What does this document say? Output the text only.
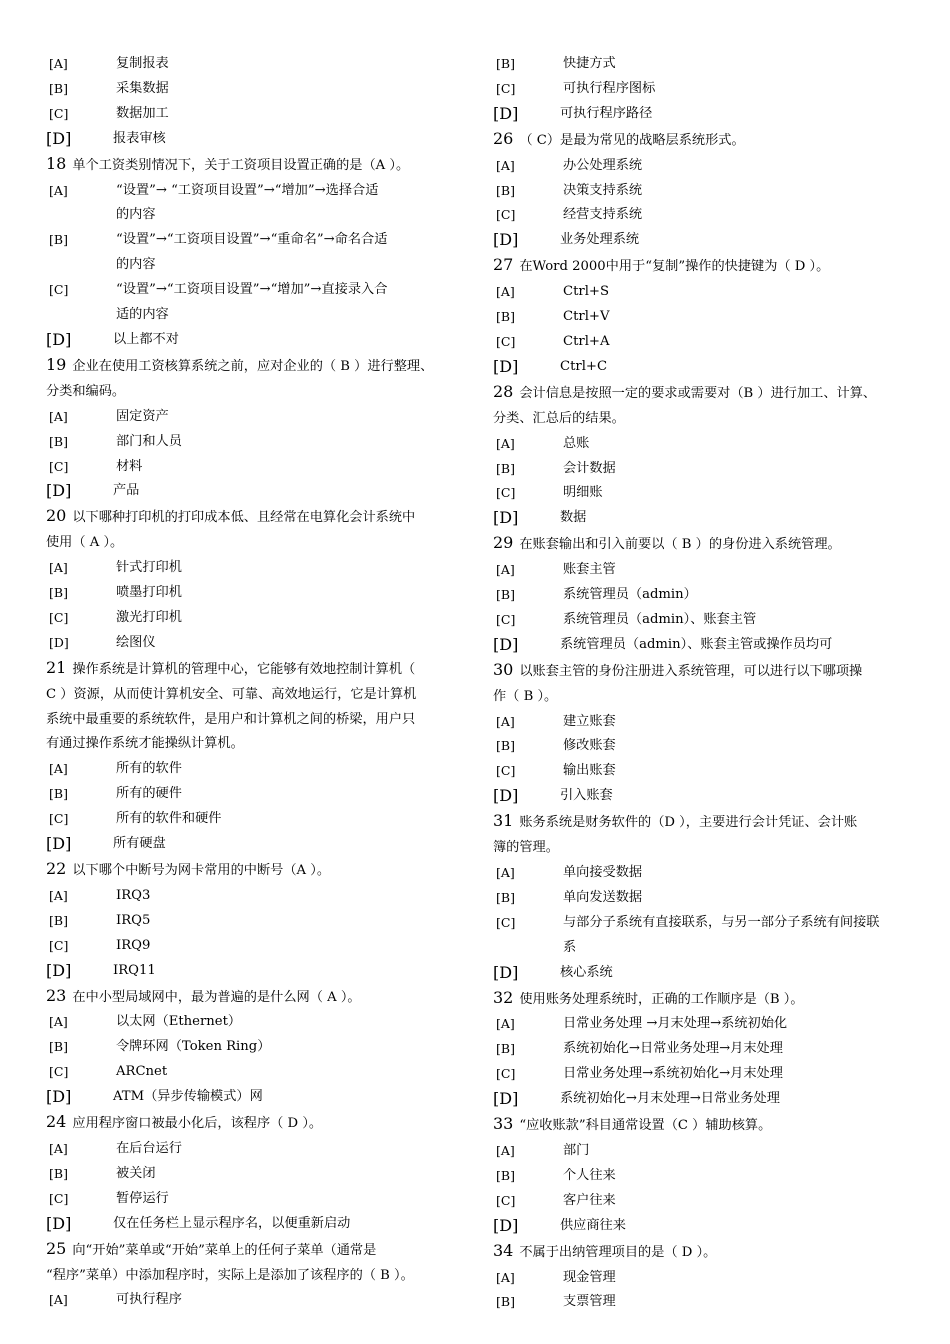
[A]	复制报表
[B]	采集数据
[C]	数据加工
[D]	报表审核
18 单个工资类别情况下，关于工资项目设置正确的是（A ）。
[A]	“设置”→ “工资项目设置”→“增加”→选择合适
的内容
[B]	“设置”→“工资项目设置”→“重命名”→命名合适
的内容
[C]	“设置”→“工资项目设置”→“增加”→直接录入合
适的内容
[D]	以上都不对
19 企业在使用工资核算系统之前，应对企业的（ B ）进行整理、
分类和编码。
[A]	固定资产
[B]	部门和人员
[C]	材料
[D]	产品
20 以下哪种打印机的打印成本低、且经常在电算化会计系统中
使用（ A ）。
[A]	针式打印机
[B]	喷墨打印机
[C]	激光打印机
[D]	绘图仪
21 操作系统是计算机的管理中心，它能够有效地控制计算机（
C ）资源，从而使计算机安全、可靠、高效地运行，它是计算机
系统中最重要的系统软件，是用户和计算机之间的桥梁，用户只
有通过操作系统才能操纵计算机。
[A]	所有的软件
[B]	所有的硬件
[C]	所有的软件和硬件
[D]	所有硬盘
22 以下哪个中断号为网卡常用的中断号（A ）。
[A]	IRQ3
[B]	IRQ5
[C]	IRQ9
[D]	IRQ11
23 在中小型局域网中，最为普遍的是什么网（ A ）。
[A]	以太网（Ethernet）
[B]	令牌环网（Token Ring）
[C]	ARCnet
[D]	ATM（异步传输模式）网
24 应用程序窗口被最小化后，该程序（ D ）。
[A]	在后台运行
[B]	被关闭
[C]	暂停运行
[D]	仅在任务栏上显示程序名，以便重新启动
25 向“开始”菜单或“开始”菜单上的任何子菜单（通常是
“程序”菜单）中添加程序时，实际上是添加了该程序的（ B ）。
[A]	可执行程序
[B]	快捷方式
[C]	可执行程序图标
[D]	可执行程序路径
26 （ C）是最为常见的战略层系统形式。
[A]	办公处理系统
[B]	决策支持系统
[C]	经营支持系统
[D]	业务处理系统
27 在Word 2000中用于“复制”操作的快捷键为（ D ）。
[A]	Ctrl+S
[B]	Ctrl+V
[C]	Ctrl+A
[D]	Ctrl+C
28 会计信息是按照一定的要求或需要对（B ）进行加工、计算、
分类、汇总后的结果。
[A]	总账
[B]	会计数据
[C]	明细账
[D]	数据
29 在账套输出和引入前要以（ B ）的身份进入系统管理。
[A]	账套主管
[B]	系统管理员（admin）
[C]	系统管理员（admin）、账套主管
[D]	系统管理员（admin）、账套主管或操作员均可
30 以账套主管的身份注册进入系统管理，可以进行以下哪项操
作（ B ）。
[A]	建立账套
[B]	修改账套
[C]	输出账套
[D]	引入账套
31 账务系统是财务软件的（D ），主要进行会计凭证、会计账
簿的管理。
[A]	单向接受数据
[B]	单向发送数据
[C]	与部分子系统有直接联系，与另一部分子系统有间接联
系
[D]	核心系统
32 使用账务处理系统时，正确的工作顺序是（B ）。
[A]	日常业务处理 →月末处理→系统初始化
[B]	系统初始化→日常业务处理→月末处理
[C]	日常业务处理→系统初始化→月末处理
[D]	系统初始化→月末处理→日常业务处理
33 “应收账款”科目通常设置（C ）辅助核算。
[A]	部门
[B]	个人往来
[C]	客户往来
[D]	供应商往来
34 不属于出纳管理项目的是（ D ）。
[A]	现金管理
[B]	支票管理
